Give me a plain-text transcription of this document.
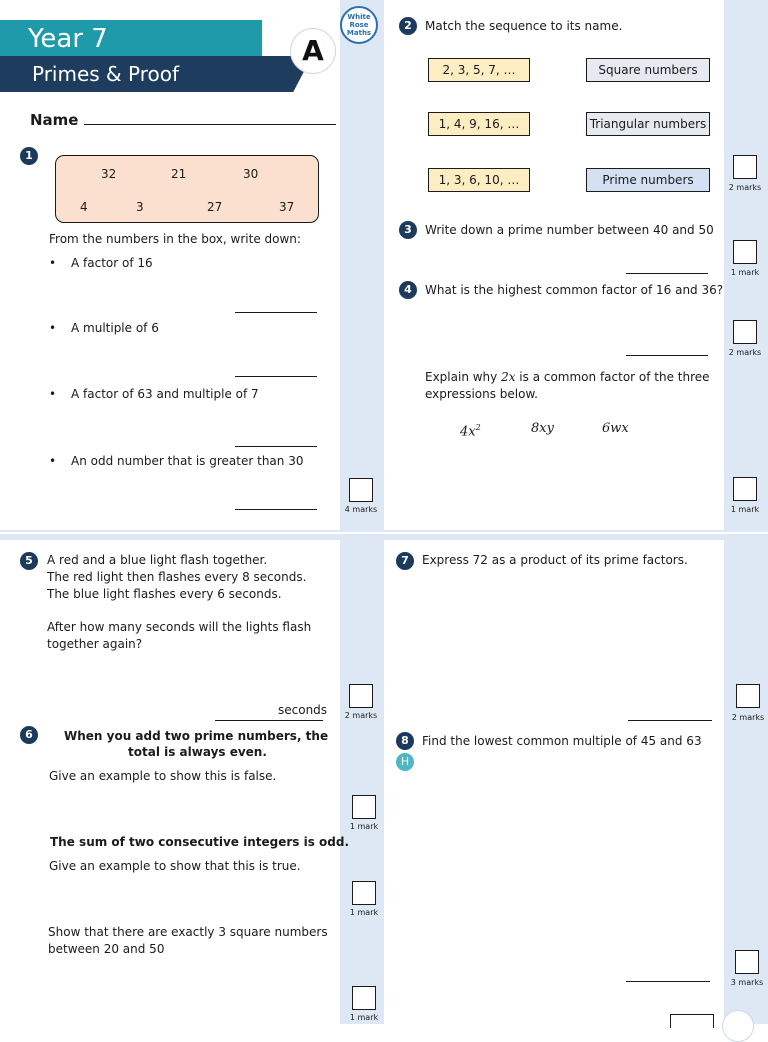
Year 7
Primes & Proof
A
White
Rose
Maths
Name
1
32	21	30
4	3	27	37
From the numbers in the box, write down:
• A factor of 16
• A multiple of 6
• A factor of 63 and multiple of 7
• An odd number that is greater than 30
4 marks
2	Match the sequence to its name.
2, 3, 5, 7, …
1, 4, 9, 16, …
1, 3, 6, 10, …
Square numbers
Triangular numbers
Prime numbers
2 marks
3	Write down a prime number between 40 and 50
1 mark
4	What is the highest common factor of 16 and 36?
2 marks
Explain why 2x is a common factor of the three
expressions below.
$4x^2$	8xy	6wx
1 mark
5	A red and a blue light flash together.
The red light then flashes every 8 seconds.
The blue light flashes every 6 seconds.
After how many seconds will the lights flash
together again?
seconds	2 marks
6	When you add two prime numbers, the
total is always even.
Give an example to show this is false.
1 mark
The sum of two consecutive integers is odd.
Give an example to show that this is true.
1 mark
Show that there are exactly 3 square numbers
between 20 and 50
1 mark
7	Express 72 as a product of its prime factors.
2 marks
8	Find the lowest common multiple of 45 and 63
H
3 marks
